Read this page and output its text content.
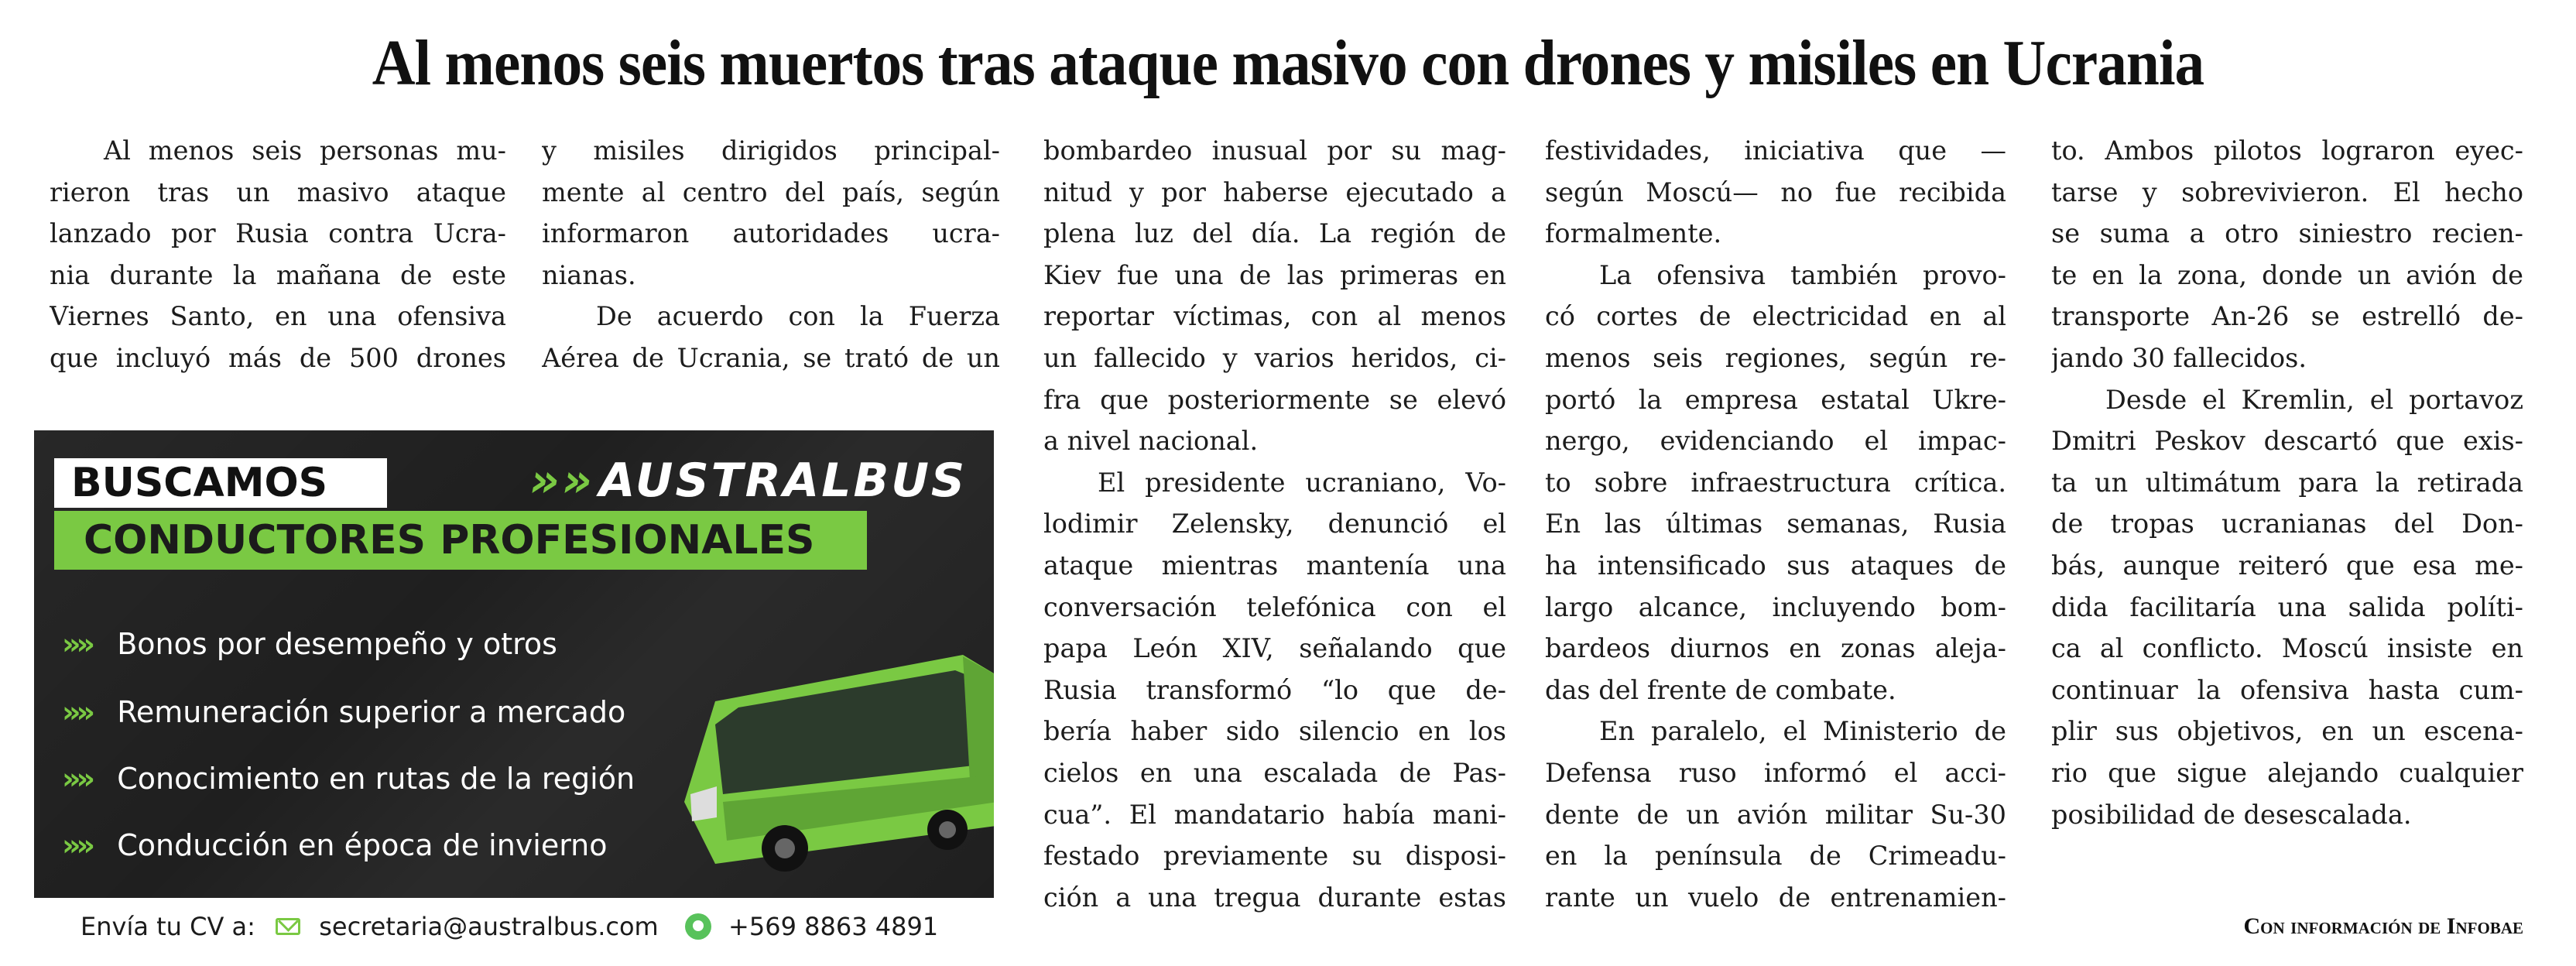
Al menos seis muertos tras ataque masivo con drones y misiles en Ucrania
Al menos seis personas mu-
rieron tras un masivo ataque
lanzado por Rusia contra Ucra-
nia durante la mañana de este
Viernes Santo, en una ofensiva
que incluyó más de 500 drones
y misiles dirigidos principal-
mente al centro del país, según
informaron autoridades ucra-
nianas.
De acuerdo con la Fuerza
Aérea de Ucrania, se trató de un
bombardeo inusual por su mag-
nitud y por haberse ejecutado a
plena luz del día. La región de
Kiev fue una de las primeras en
reportar víctimas, con al menos
un fallecido y varios heridos, ci-
fra que posteriormente se elevó
a nivel nacional.
El presidente ucraniano, Vo-
lodimir Zelensky, denunció el
ataque mientras mantenía una
conversación telefónica con el
papa León XIV, señalando que
Rusia transformó “lo que de-
bería haber sido silencio en los
cielos en una escalada de Pas-
cua”. El mandatario había mani-
festado previamente su disposi-
ción a una tregua durante estas
festividades, iniciativa que —
según Moscú— no fue recibida
formalmente.
La ofensiva también provo-
có cortes de electricidad en al
menos seis regiones, según re-
portó la empresa estatal Ukre-
nergo, evidenciando el impac-
to sobre infraestructura crítica.
En las últimas semanas, Rusia
ha intensificado sus ataques de
largo alcance, incluyendo bom-
bardeos diurnos en zonas aleja-
das del frente de combate.
En paralelo, el Ministerio de
Defensa ruso informó el acci-
dente de un avión militar Su-30
en la península de Crimeadu-
rante un vuelo de entrenamien-
to. Ambos pilotos lograron eyec-
tarse y sobrevivieron. El hecho
se suma a otro siniestro recien-
te en la zona, donde un avión de
transporte An-26 se estrelló de-
jando 30 fallecidos.
Desde el Kremlin, el portavoz
Dmitri Peskov descartó que exis-
ta un ultimátum para la retirada
de tropas ucranianas del Don-
bás, aunque reiteró que esa me-
dida facilitaría una salida políti-
ca al conflicto. Moscú insiste en
continuar la ofensiva hasta cum-
plir sus objetivos, en un escena-
rio que sigue alejando cualquier
posibilidad de desescalada.
BUSCAMOS	»» AUSTRALBUS
CONDUCTORES PROFESIONALES
»» Bonos por desempeño y otros
»» Remuneración superior a mercado
»» Conocimiento en rutas de la región
»» Conducción en época de invierno
Envía tu CV a:	secretaria@australbus.com	+569 8863 4891	Con información de Infobae
